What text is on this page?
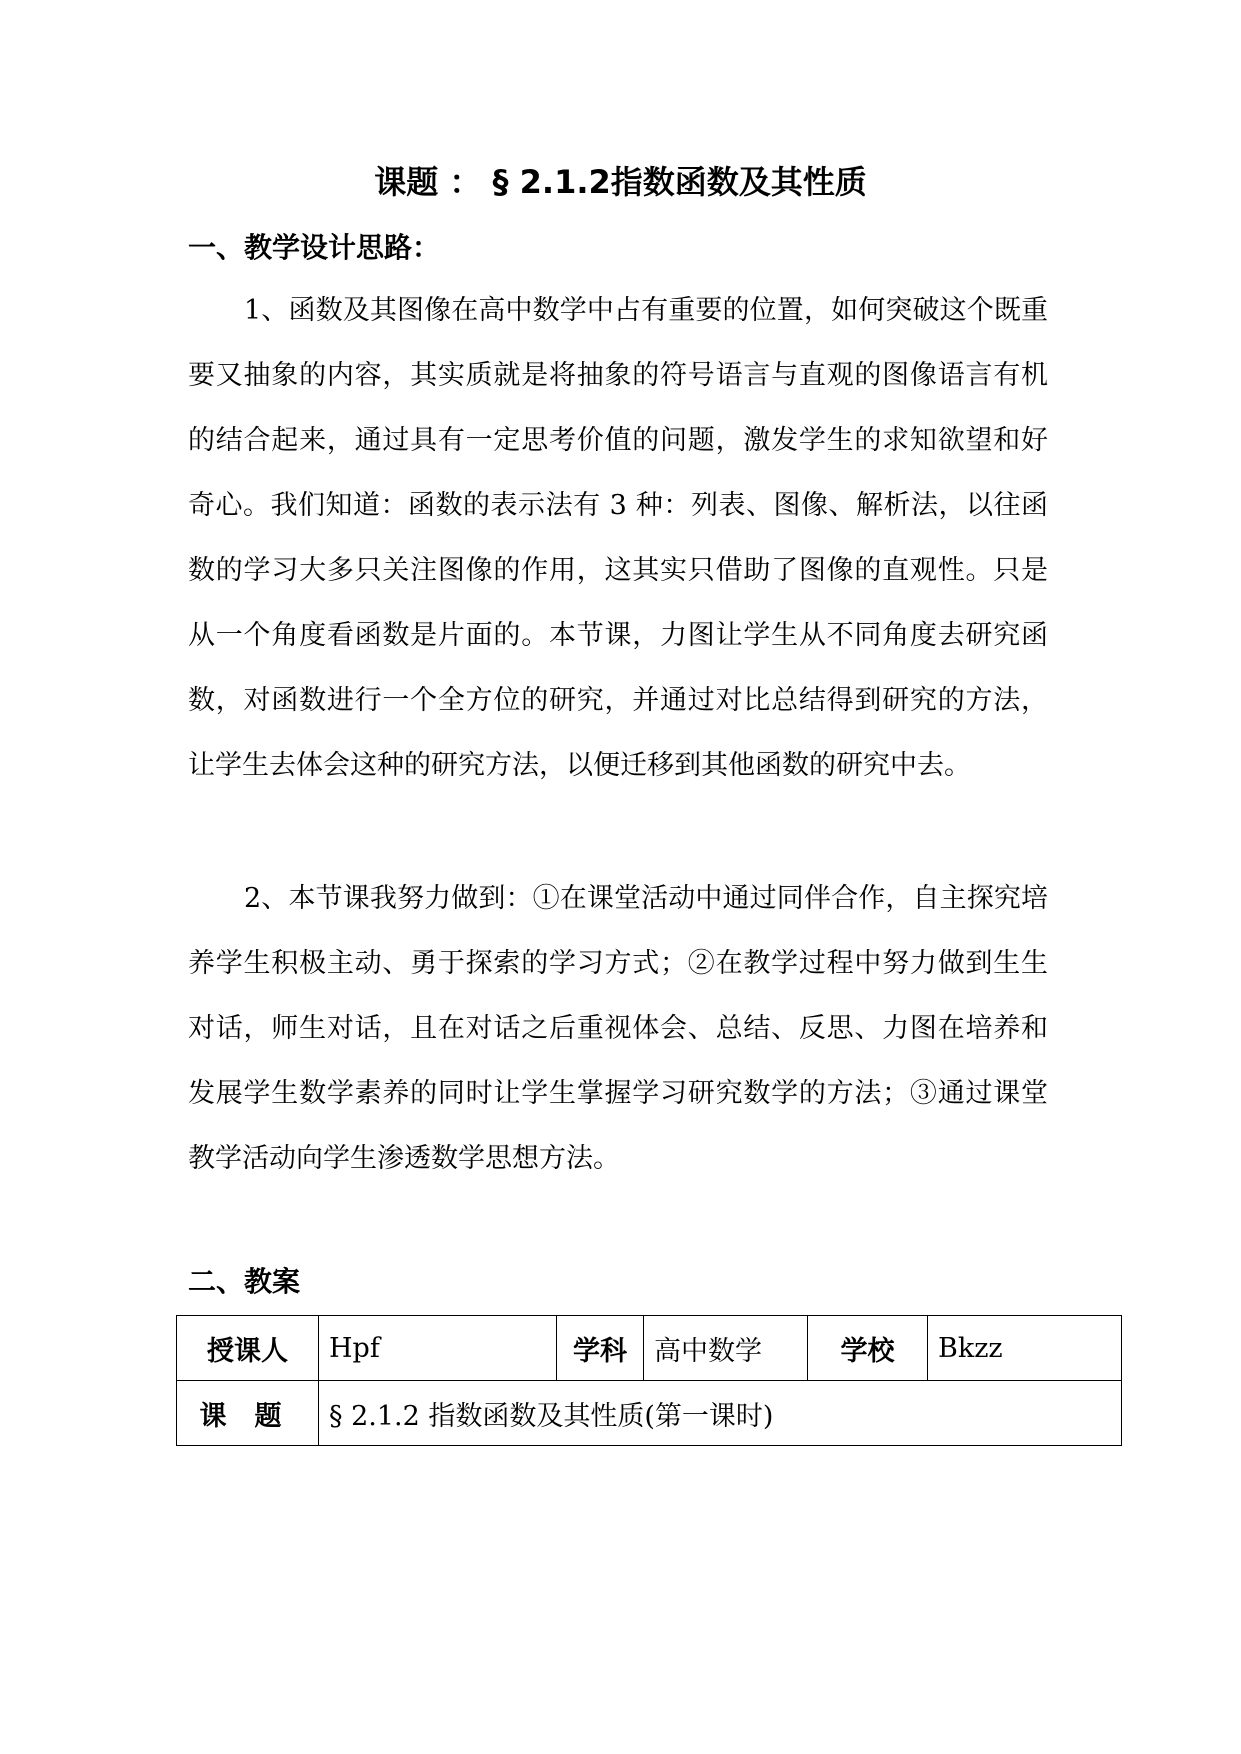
课题 ： § 2.1.2指数函数及其性质
一、教学设计思路：

1、函数及其图像在高中数学中占有重要的位置，如何突破这个既重要又抽象的内容，其实质就是将抽象的符号语言与直观的图像语言有机的结合起来，通过具有一定思考价值的问题，激发学生的求知欲望和好奇心。我们知道：函数的表示法有 3 种：列表、图像、解析法，以往函数的学习大多只关注图像的作用，这其实只借助了图像的直观性。只是从一个角度看函数是片面的。本节课，力图让学生从不同角度去研究函数，对函数进行一个全方位的研究，并通过对比总结得到研究的方法，让学生去体会这种的研究方法，以便迁移到其他函数的研究中去。

2、本节课我努力做到：①在课堂活动中通过同伴合作，自主探究培养学生积极主动、勇于探索的学习方式；②在教学过程中努力做到生生对话，师生对话，且在对话之后重视体会、总结、反思、力图在培养和发展学生数学素养的同时让学生掌握学习研究数学的方法；③通过课堂教学活动向学生渗透数学思想方法。

二、教案
授课人	Hpf	学科	高中数学	学校	Bkzz
课题	§ 2.1.2 指数函数及其性质(第一课时)				
